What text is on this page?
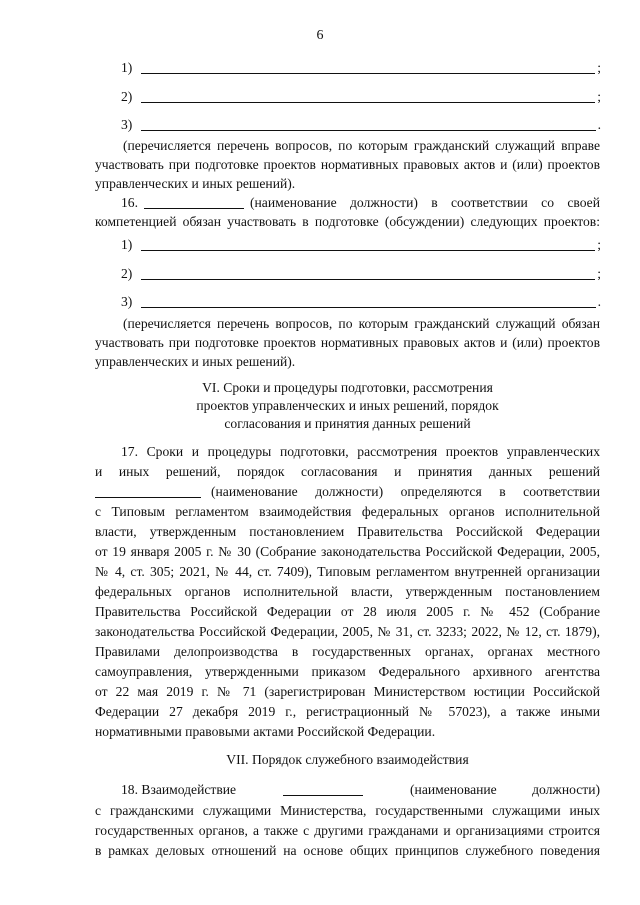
6
1)	;
2)	;
3)	.
(перечисляется перечень вопросов, по которым гражданский служащий вправе
участвовать при подготовке проектов нормативных правовых актов и (или) проектов
управленческих и иных решений).
16.	(наименование должности) в соответствии со своей
компетенцией обязан участвовать в подготовке (обсуждении) следующих проектов:
1)	;
2)	;
3)	.
(перечисляется перечень вопросов, по которым гражданский служащий обязан
участвовать при подготовке проектов нормативных правовых актов и (или) проектов
управленческих и иных решений).
VI. Сроки и процедуры подготовки, рассмотрения
проектов управленческих и иных решений, порядок
согласования и принятия данных решений
17. Сроки и процедуры подготовки, рассмотрения проектов управленческих
и иных решений, порядок согласования и принятия данных решений
(наименование должности) определяются в соответствии
с Типовым регламентом взаимодействия федеральных органов исполнительной
власти, утвержденным постановлением Правительства Российской Федерации
от 19 января 2005 г. № 30 (Собрание законодательства Российской Федерации, 2005,
№ 4, ст. 305; 2021, № 44, ст. 7409), Типовым регламентом внутренней организации
федеральных органов исполнительной власти, утвержденным постановлением
Правительства Российской Федерации от 28 июля 2005 г. № 452 (Собрание
законодательства Российской Федерации, 2005, № 31, ст. 3233; 2022, № 12, ст. 1879),
Правилами делопроизводства в государственных органах, органах местного
самоуправления, утвержденными приказом Федерального архивного агентства
от 22 мая 2019 г. № 71 (зарегистрирован Министерством юстиции Российской
Федерации 27 декабря 2019 г., регистрационный № 57023), а также иными
нормативными правовыми актами Российской Федерации.
VII. Порядок служебного взаимодействия
18. Взаимодействие	(наименование должности)
с гражданскими служащими Министерства, государственными служащими иных
государственных органов, а также с другими гражданами и организациями строится
в рамках деловых отношений на основе общих принципов служебного поведения
